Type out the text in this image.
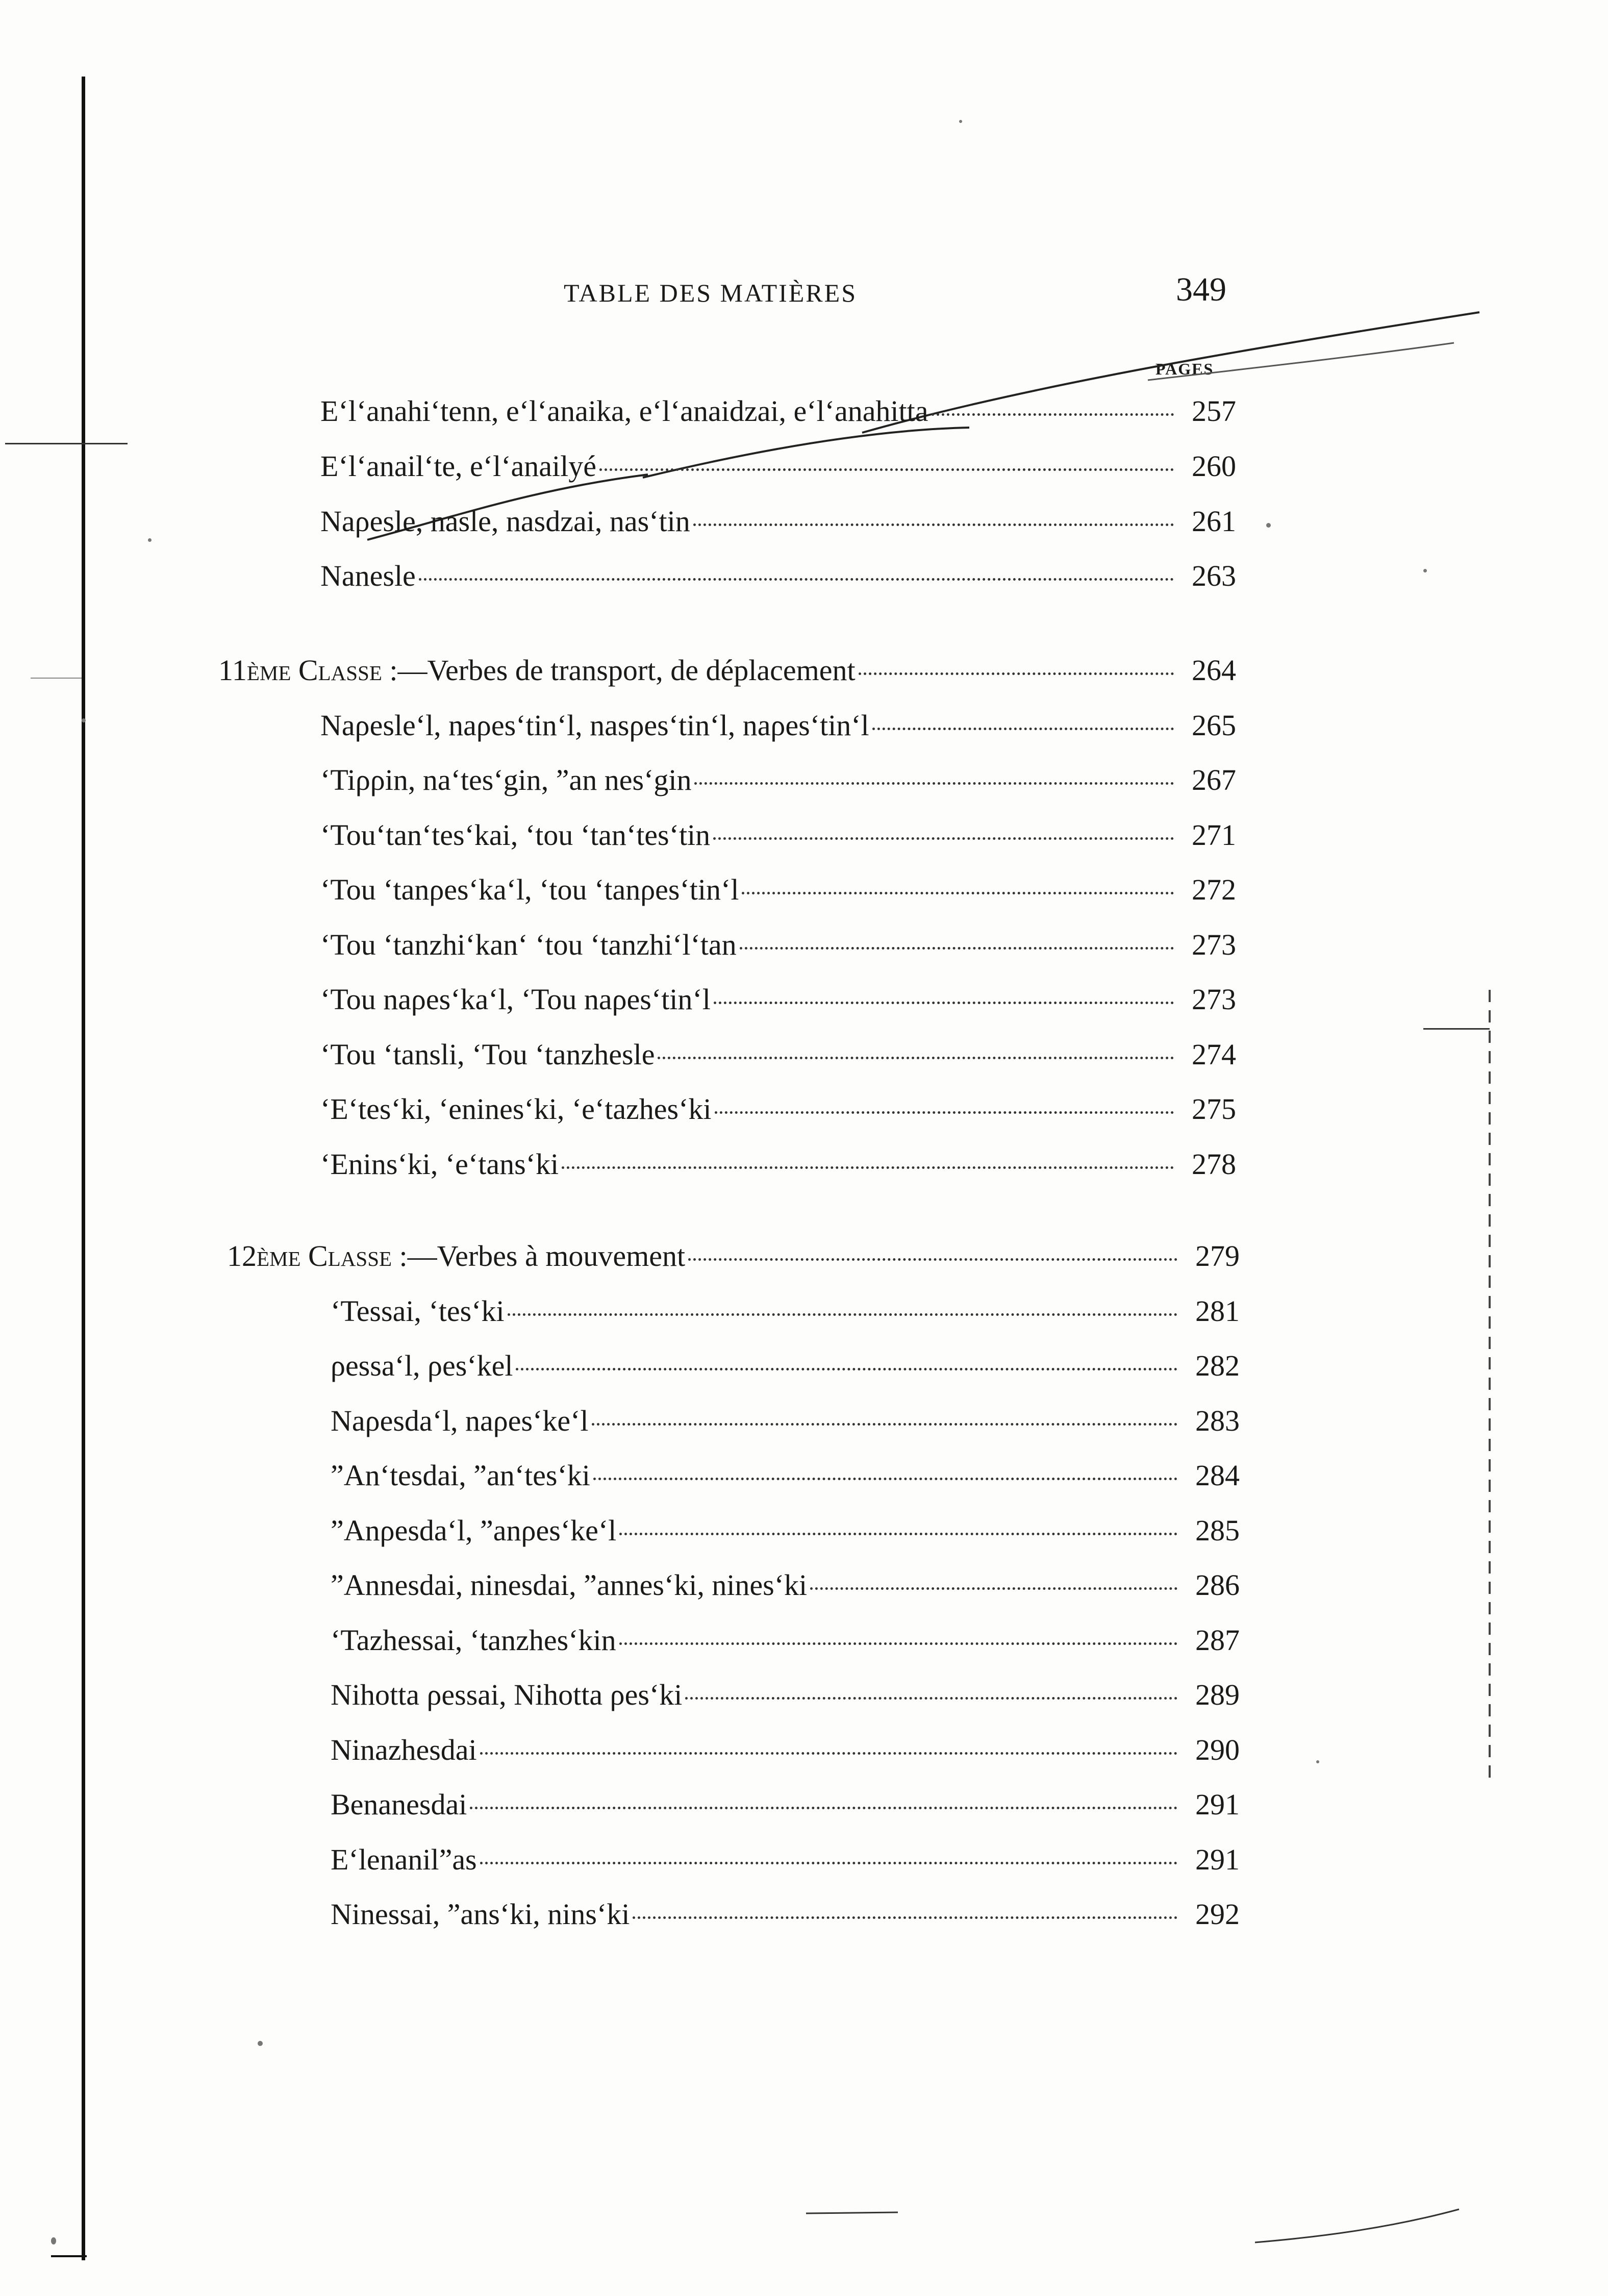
TABLE DES MATIÈRES	349
PAGES
E‘l‘anahi‘tenn, e‘l‘anaika, e‘l‘anaidzai, e‘l‘anahitta	257
E‘l‘anail‘te, e‘l‘anailyé	260
Naρesle, nasle, nasdzai, nas‘tin	261
Nanesle	263
11ème Classe :—Verbes de transport, de déplacement	264
Naρesle‘l, naρes‘tin‘l, nasρes‘tin‘l, naρes‘tin‘l	265
‘Tiρρin, na‘tes‘gin, ”an nes‘gin	267
‘Tou‘tan‘tes‘kai, ‘tou ‘tan‘tes‘tin	271
‘Tou ‘tanρes‘ka‘l, ‘tou ‘tanρes‘tin‘l	272
‘Tou ‘tanzhi‘kan‘ ‘tou ‘tanzhi‘l‘tan	273
‘Tou naρes‘ka‘l, ‘Tou naρes‘tin‘l	273
‘Tou ‘tansli, ‘Tou ‘tanzhesle	274
‘E‘tes‘ki, ‘enines‘ki, ‘e‘tazhes‘ki	275
‘Enins‘ki, ‘e‘tans‘ki	278
12ème Classe :—Verbes à mouvement	279
‘Tessai, ‘tes‘ki	281
ρessa‘l, ρes‘kel	282
Naρesda‘l, naρes‘ke‘l	283
”An‘tesdai, ”an‘tes‘ki	284
”Anρesda‘l, ”anρes‘ke‘l	285
”Annesdai, ninesdai, ”annes‘ki, nines‘ki	286
‘Tazhessai, ‘tanzhes‘kin	287
Nihotta ρessai, Nihotta ρes‘ki	289
Ninazhesdai	290
Benanesdai	291
E‘lenanil”as	291
Ninessai, ”ans‘ki, nins‘ki	292
